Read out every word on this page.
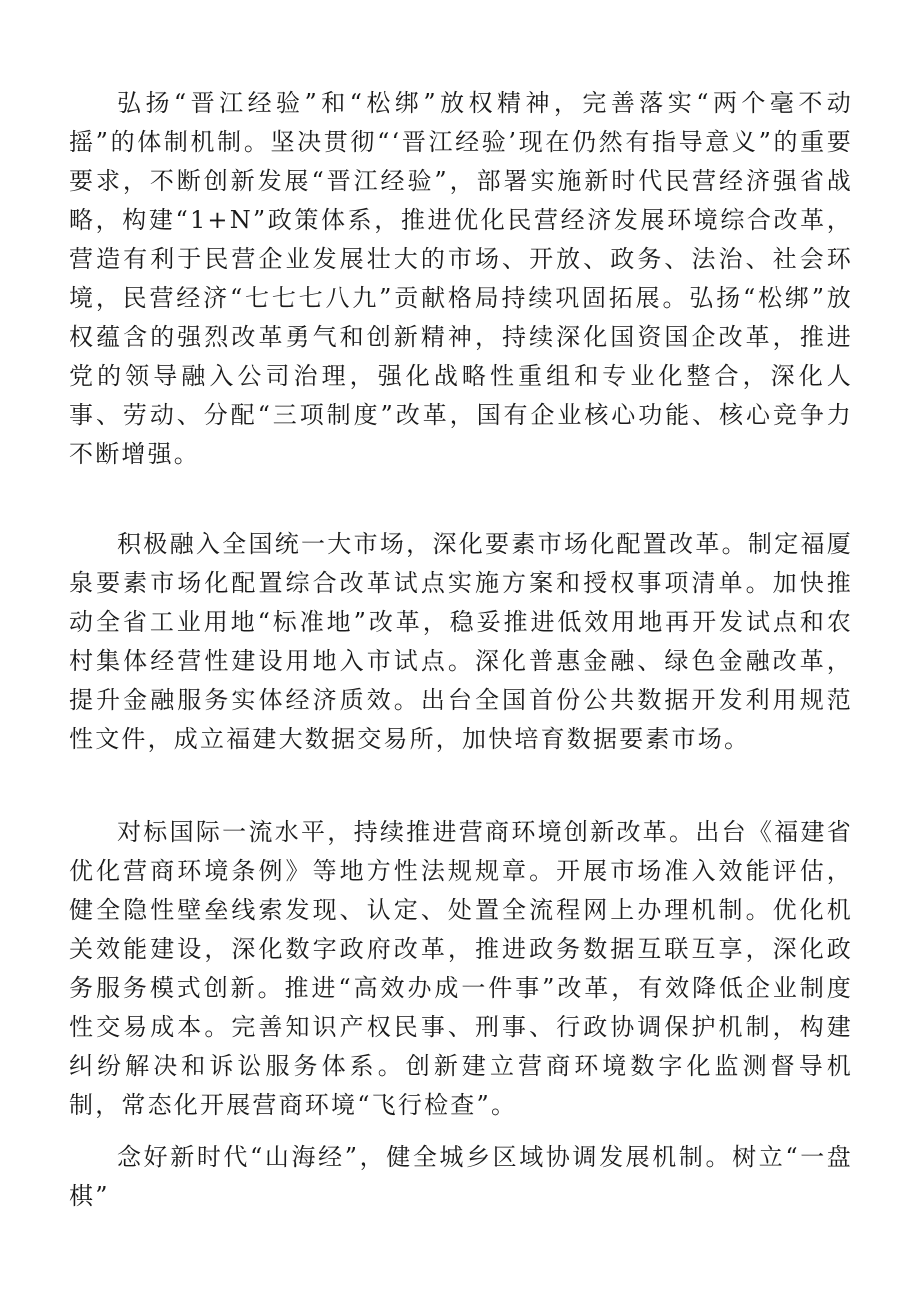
弘扬“晋江经验”和“松绑”放权精神，完善落实“两个毫不动摇”的体制机制。坚决贯彻“‘晋江经验’现在仍然有指导意义”的重要要求，不断创新发展“晋江经验”，部署实施新时代民营经济强省战略，构建“1+N”政策体系，推进优化民营经济发展环境综合改革，营造有利于民营企业发展壮大的市场、开放、政务、法治、社会环境，民营经济“七七七八九”贡献格局持续巩固拓展。弘扬“松绑”放权蕴含的强烈改革勇气和创新精神，持续深化国资国企改革，推进党的领导融入公司治理，强化战略性重组和专业化整合，深化人事、劳动、分配“三项制度”改革，国有企业核心功能、核心竞争力不断增强。

积极融入全国统一大市场，深化要素市场化配置改革。制定福厦泉要素市场化配置综合改革试点实施方案和授权事项清单。加快推动全省工业用地“标准地”改革，稳妥推进低效用地再开发试点和农村集体经营性建设用地入市试点。深化普惠金融、绿色金融改革，提升金融服务实体经济质效。出台全国首份公共数据开发利用规范性文件，成立福建大数据交易所，加快培育数据要素市场。

对标国际一流水平，持续推进营商环境创新改革。出台《福建省优化营商环境条例》等地方性法规规章。开展市场准入效能评估，健全隐性壁垒线索发现、认定、处置全流程网上办理机制。优化机关效能建设，深化数字政府改革，推进政务数据互联互享，深化政务服务模式创新。推进“高效办成一件事”改革，有效降低企业制度性交易成本。完善知识产权民事、刑事、行政协调保护机制，构建纠纷解决和诉讼服务体系。创新建立营商环境数字化监测督导机制，常态化开展营商环境“飞行检查”。

念好新时代“山海经”，健全城乡区域协调发展机制。树立“一盘棋”
